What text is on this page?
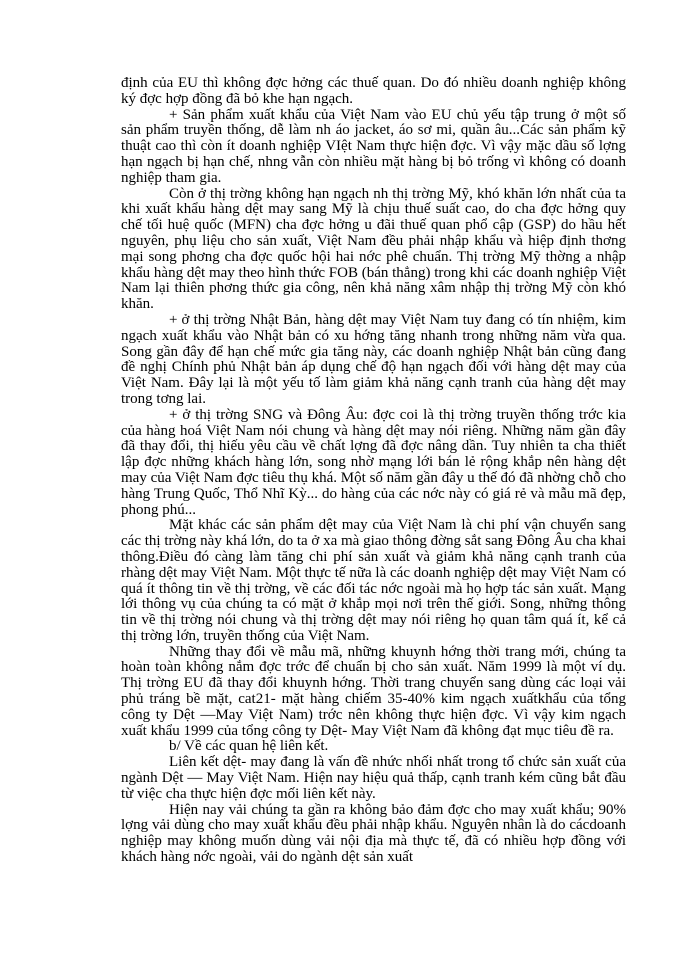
định của EU thì không đợc hởng các thuế quan. Do đó nhiều doanh nghiệp không ký đợc hợp đồng đã bỏ khe hạn ngạch.

+ Sản phẩm xuất khẩu của Việt Nam vào EU chủ yếu tập trung ở một số sản phẩm truyền thống, dễ làm nh áo jacket, áo sơ mi, quần âu...Các sản phẩm kỹ thuật cao thì còn ít doanh nghiệp VIệt Nam thực hiện đợc. Vì vậy mặc dầu số lợng hạn ngạch bị hạn chế, nhng vẫn còn nhiều mặt hàng bị bỏ trống vì không có doanh nghiệp tham gia.

Còn ở thị trờng không hạn ngạch nh thị trờng Mỹ, khó khăn lớn nhất của ta khi xuất khẩu hàng dệt may sang Mỹ là chịu thuế suất cao, do cha đợc hởng quy chế tối huệ quốc (MFN) cha đợc hởng u đãi thuế quan phổ cập (GSP) do hầu hết nguyên, phụ liệu cho sản xuất, Việt Nam đều phải nhập khẩu và hiệp định thơng mại song phơng cha đợc quốc hội hai nớc phê chuẩn. Thị trờng Mỹ thờng a nhập khẩu hàng dệt may theo hình thức FOB (bán thẳng) trong khi các doanh nghiệp Việt Nam lại thiên phơng thức gia công, nên khả năng xâm nhập thị trờng Mỹ còn khó khăn.

+ ở thị trờng Nhật Bản, hàng dệt may Việt Nam tuy đang có tín nhiệm, kim ngạch xuất khẩu vào Nhật bản có xu hớng tăng nhanh trong những năm vừa qua. Song gần đây để hạn chế mức gia tăng này, các doanh nghiệp Nhật bản cũng đang đề nghị Chính phủ Nhật bản áp dụng chế độ hạn ngạch đối với hàng dệt may của Việt Nam. Đây lại là một yếu tố làm giảm khả năng cạnh tranh của hàng dệt may trong tơng lai.

+ ở thị trờng SNG và Đông Âu: đợc coi là thị trờng truyền thống trớc kia của hàng hoá Việt Nam nói chung và hàng dệt may nói riêng. Những năm gần đây đã thay đổi, thị hiếu yêu cầu về chất lợng đã đợc nâng dần. Tuy nhiên ta cha thiết lập đợc những khách hàng lớn, song nhờ mạng lới bán lẻ rộng khắp nên hàng dệt may của Việt Nam đợc tiêu thụ khá. Một số năm gần đây u thế đó đã nhờng chỗ cho hàng Trung Quốc, Thổ Nhĩ Kỳ... do hàng của các nớc này có giá rẻ và mẫu mã đẹp, phong phú...

Mặt khác các sản phẩm dệt may của Việt Nam là chi phí vận chuyển sang các thị trờng này khá lớn, do ta ở xa mà giao thông đờng sắt sang Đông Âu cha khai thông.Điều đó càng làm tăng chi phí sản xuất và giảm khả năng cạnh tranh của rhàng dệt may Việt Nam. Một thực tế nữa là các doanh nghiệp dệt may Việt Nam có quá ít thông tin về thị trờng, về các đối tác nớc ngoài mà họ hợp tác sản xuất. Mạng lới thông vụ của chúng ta có mặt ở khắp mọi nơi trên thế giới. Song, những thông tin về thị trờng nói chung và thị trờng dệt may nói riêng họ quan tâm quá ít, kể cả thị trờng lớn, truyền thống của Việt Nam.

Những thay đổi về mẫu mã, những khuynh hớng thời trang mới, chúng ta hoàn toàn không nắm đợc trớc để chuẩn bị cho sản xuất. Năm 1999 là một ví dụ. Thị trờng EU đã thay đổi khuynh hớng. Thời trang chuyển sang dùng các loại vải phủ tráng bề mặt, cat21- mặt hàng chiếm 35-40% kim ngạch xuấtkhẩu của tổng công ty Dệt —May Việt Nam) trớc nên không thực hiện đợc. Vì vậy kim ngạch xuất khẩu 1999 của tổng công ty Dệt- May Việt Nam đã không đạt mục tiêu đề ra.

b/ Về các quan hệ liên kết.

Liên kết dệt- may đang là vấn đề nhức nhối nhất trong tổ chức sản xuất của ngành Dệt — May Việt Nam. Hiện nay hiệu quả thấp, cạnh tranh kém cũng bắt đầu từ việc cha thực hiện đợc mối liên kết này.

Hiện nay vải chúng ta gần ra không bảo đảm đợc cho may xuất khẩu; 90% lợng vải dùng cho may xuất khẩu đều phải nhập khẩu. Nguyên nhân là do cácdoanh nghiệp may không muốn dùng vải nội địa mà thực tế, đã có nhiều hợp đồng với khách hàng nớc ngoài, vải do ngành dệt sản xuất
